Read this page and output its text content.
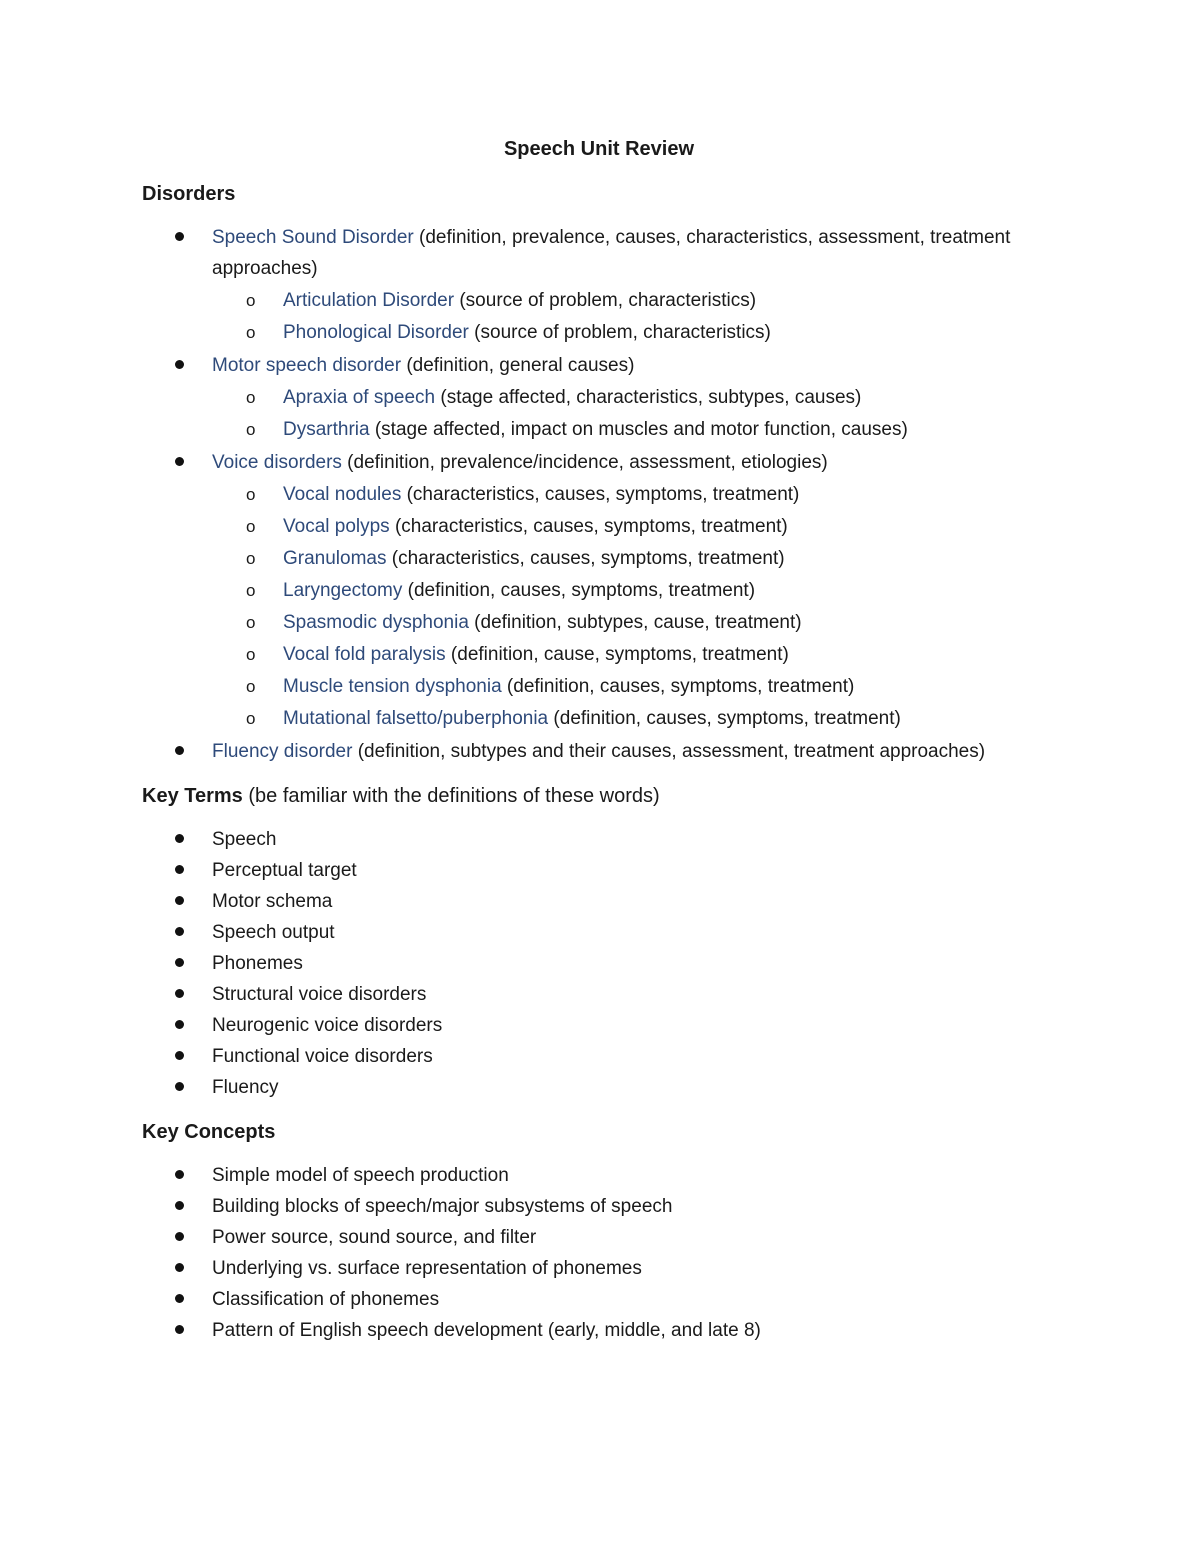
Speech Unit Review
Disorders
Speech Sound Disorder (definition, prevalence, causes, characteristics, assessment, treatment approaches)
o Articulation Disorder (source of problem, characteristics)
o Phonological Disorder (source of problem, characteristics)
Motor speech disorder (definition, general causes)
o Apraxia of speech (stage affected, characteristics, subtypes, causes)
o Dysarthria (stage affected, impact on muscles and motor function, causes)
Voice disorders (definition, prevalence/incidence, assessment, etiologies)
o Vocal nodules (characteristics, causes, symptoms, treatment)
o Vocal polyps (characteristics, causes, symptoms, treatment)
o Granulomas (characteristics, causes, symptoms, treatment)
o Laryngectomy (definition, causes, symptoms, treatment)
o Spasmodic dysphonia (definition, subtypes, cause, treatment)
o Vocal fold paralysis (definition, cause, symptoms, treatment)
o Muscle tension dysphonia (definition, causes, symptoms, treatment)
o Mutational falsetto/puberphonia (definition, causes, symptoms, treatment)
Fluency disorder (definition, subtypes and their causes, assessment, treatment approaches)
Key Terms (be familiar with the definitions of these words)
Speech
Perceptual target
Motor schema
Speech output
Phonemes
Structural voice disorders
Neurogenic voice disorders
Functional voice disorders
Fluency
Key Concepts
Simple model of speech production
Building blocks of speech/major subsystems of speech
Power source, sound source, and filter
Underlying vs. surface representation of phonemes
Classification of phonemes
Pattern of English speech development (early, middle, and late 8)
